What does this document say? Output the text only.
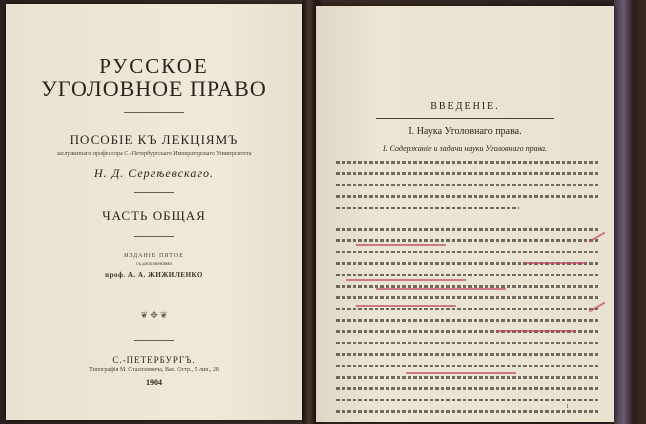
РУССКОЕ
УГОЛОВНОЕ ПРАВО
ПОСОБІЕ КЪ ЛЕКЦІЯМЪ
заслуженнаго профессора С.-Петербургскаго Императорскаго Университета
Н. Д. Сергѣевскаго.
ЧАСТЬ ОБЩАЯ
ИЗДАНІЕ ПЯТОЕ
съ дополненіями
проф. А. А. ЖИЖИЛЕНКО
❦ ✥ ❦
С.-ПЕТЕРБУРГЪ.
Типографія М. Стасюлевича, Вас. Остр., 5 лин., 28
1904
ВВЕДЕНІЕ.
I. Наука Уголовнаго права.
I. Содержаніе и задачи науки Уголовнаго права.
1
